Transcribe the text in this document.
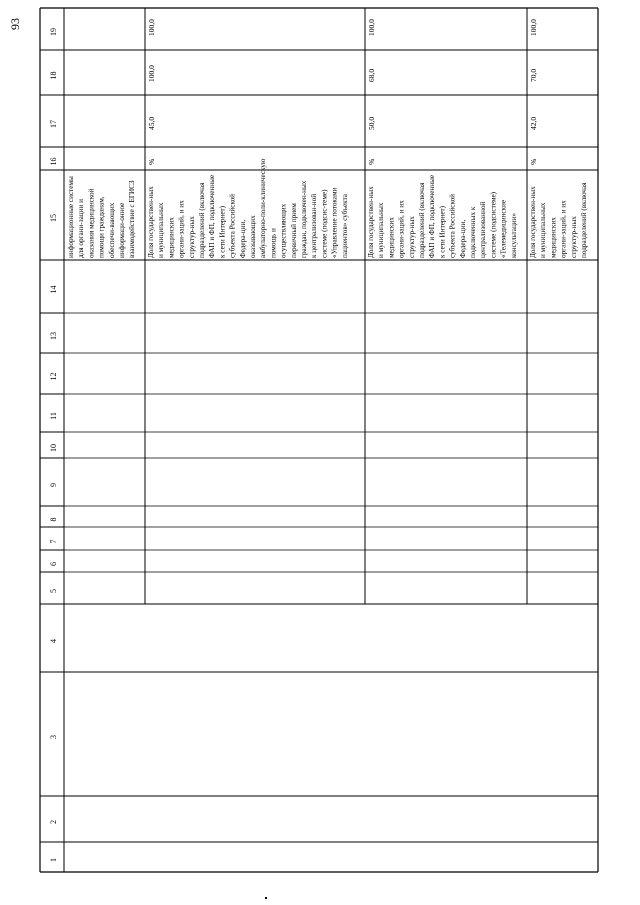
93
1
2
3
4
5
6
7
8
9
10
11
12
13
14
15
16
17
18
19
информационные системы для органи-зации и оказания медицинской помощи гражданам, обеспечи-вающих информаци-онное взаимодействие с ЕГИСЗ Доля государствен-ных и муниципальных медицинских органи-заций, и их структур-ных подразделений (включая ФАП и ФП, подключенные к сети Интернет) субъекта Российской Федера-ции, оказывающих амбулаторно-поли-клиническую помощь и осуществляющих первичный прием граждан, подключен-ных к централизован-ной системе (подсис-теме) «Управление потоками пациентов» субъекта
%
45,0
100,0
100,0
Доля государствен-ных и муниципальных медицинских органи-заций, и их структур-ных подразделений (включая ФАП и ФП, подключенные к сети Интернет) субъекта Российской Федера-ции, подключенных к централизованной системе (подсистеме) «Телемедицинские консультации»
%
50,0
68,0
100,0
Доля государствен-ных и муниципальных медицинских органи-заций, и их структур-ных подразделений (включая
%
42,0
70,0
100,0
